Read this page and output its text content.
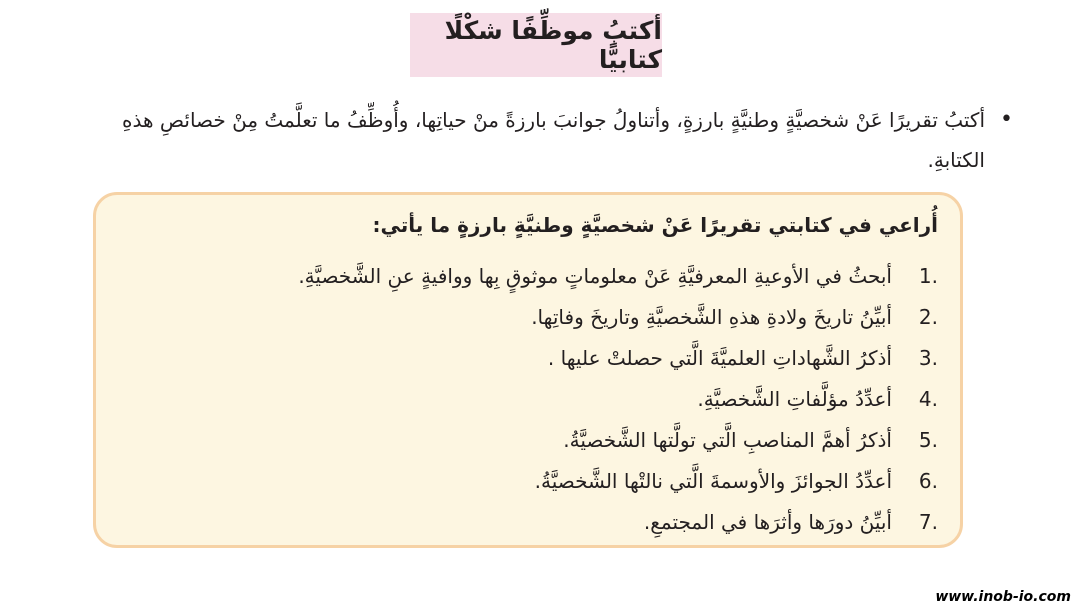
أكتبُ موظِّفًا شكْلًا كتابيًّا
•
أكتبُ تقريرًا عَنْ شخصيَّةٍ وطنيَّةٍ بارزةٍ، وأتناولُ جوانبَ بارزةً منْ حياتِها، وأُوظِّفُ ما تعلَّمتُ مِنْ خصائصِ هذهِ الكتابةِ.
أُراعي في كتابتي تقريرًا عَنْ شخصيَّةٍ وطنيَّةٍ بارزةٍ ما يأتي:
1.
أبحثُ في الأوعيةِ المعرفيَّةِ عَنْ معلوماتٍ موثوقٍ بِها ووافيةٍ عنِ الشَّخصيَّةِ.
2.
أبيِّنُ تاريخَ ولادةِ هذهِ الشَّخصيَّةِ وتاريخَ وفاتِها.
3.
أذكرُ الشَّهاداتِ العلميَّةَ الَّتي حصلتْ عليها .
4.
أعدِّدُ مؤلَّفاتِ الشَّخصيَّةِ.
5.
أذكرُ أهمَّ المناصبِ الَّتي تولَّتها الشَّخصيَّةُ.
6.
أعدِّدُ الجوائزَ والأوسمةَ الَّتي نالتْها الشَّخصيَّةُ.
7.
أبيِّنُ دورَها وأثرَها في المجتمعِ.
www.inob-io.com
